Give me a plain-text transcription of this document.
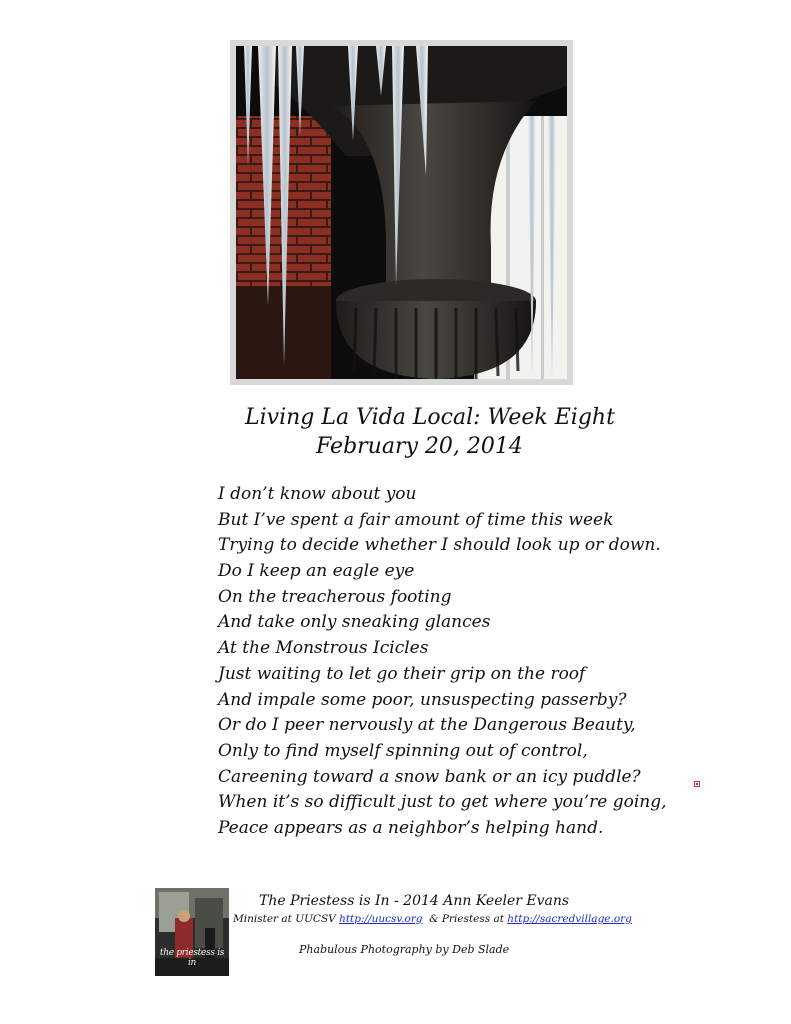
Living La Vida Local: Week Eight
February 20, 2014
I don’t know about you
But I’ve spent a fair amount of time this week
Trying to decide whether I should look up or down.
Do I keep an eagle eye
On the treacherous footing
And take only sneaking glances
At the Monstrous Icicles
Just waiting to let go their grip on the roof
And impale some poor, unsuspecting passerby?
Or do I peer nervously at the Dangerous Beauty,
Only to find myself spinning out of control,
Careening toward a snow bank or an icy puddle?
When it’s so difficult just to get where you’re going,
Peace appears as a neighbor’s helping hand.
the priestess is in
The Priestess is In - 2014 Ann Keeler Evans
Minister at UUCSV http://uucsv.org  & Priestess at http://sacredvillage.org
Phabulous Photography by Deb Slade
